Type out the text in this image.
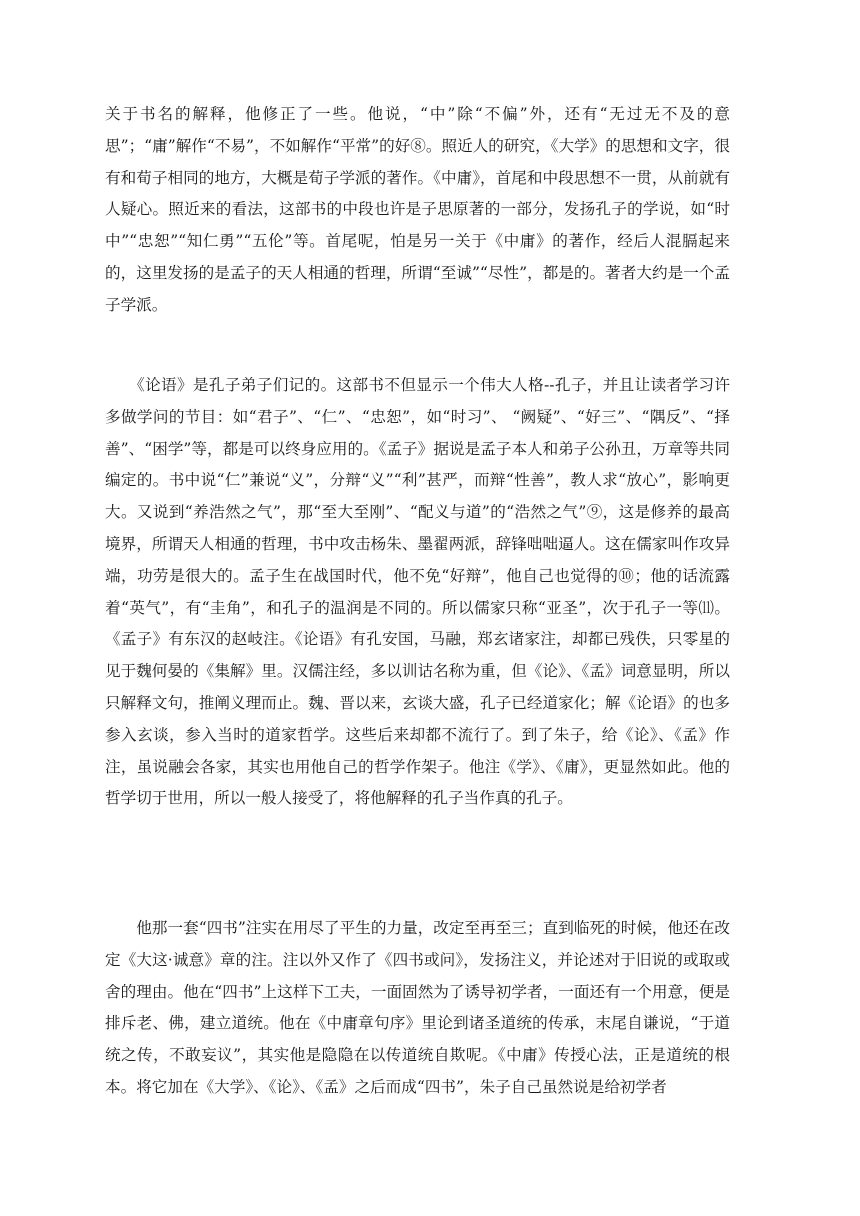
关于书名的解释，他修正了一些。他说，“中”除“不偏”外，还有“无过无不及的意思”；“庸”解作“不易”，不如解作“平常”的好⑧。照近人的研究，《大学》的思想和文字，很有和荀子相同的地方，大概是荀子学派的著作。《中庸》，首尾和中段思想不一贯，从前就有人疑心。照近来的看法，这部书的中段也许是子思原著的一部分，发扬孔子的学说，如“时中”“忠恕”“知仁勇”“五伦”等。首尾呢，怕是另一关于《中庸》的著作，经后人混膈起来的，这里发扬的是孟子的天人相通的哲理，所谓“至诚”“尽性”，都是的。著者大约是一个孟子学派。

　　《论语》是孔子弟子们记的。这部书不但显示一个伟大人格--孔子，并且让读者学习许多做学问的节目：如“君子”、“仁”、“忠恕”，如“时习”、 “阙疑”、“好三”、“隅反”、“择善”、“困学”等，都是可以终身应用的。《孟子》据说是孟子本人和弟子公孙丑，万章等共同编定的。书中说“仁”兼说“义”，分辩“义”“利”甚严，而辩“性善”，教人求“放心”，影响更大。又说到“养浩然之气”，那“至大至刚”、“配义与道”的“浩然之气”⑨，这是修养的最高境界，所谓天人相通的哲理，书中攻击杨朱、墨翟两派，辞锋咄咄逼人。这在儒家叫作攻异端，功劳是很大的。孟子生在战国时代，他不免“好辩”，他自己也觉得的⑩；他的话流露着“英气”，有“圭角”，和孔子的温润是不同的。所以儒家只称“亚圣”，次于孔子一等⑾。《孟子》有东汉的赵岐注。《论语》有孔安国，马融，郑玄诸家注，却都已残佚，只零星的见于魏何晏的《集解》里。汉儒注经，多以训诂名称为重，但《论》、《孟》词意显明，所以只解释文句，推阐义理而止。魏、晋以来，玄谈大盛，孔子已经道家化；解《论语》的也多参入玄谈，参入当时的道家哲学。这些后来却都不流行了。到了朱子，给《论》、《孟》作注，虽说融会各家，其实也用他自己的哲学作架子。他注《学》、《庸》，更显然如此。他的哲学切于世用，所以一般人接受了，将他解释的孔子当作真的孔子。

　　他那一套“四书”注实在用尽了平生的力量，改定至再至三；直到临死的时候，他还在改定《大这·诚意》章的注。注以外又作了《四书或问》，发扬注义，并论述对于旧说的或取或舍的理由。他在“四书”上这样下工夫，一面固然为了诱导初学者，一面还有一个用意，便是排斥老、佛，建立道统。他在《中庸章句序》里论到诸圣道统的传承，末尾自谦说，“于道统之传，不敢妄议”，其实他是隐隐在以传道统自欺呢。《中庸》传授心法，正是道统的根本。将它加在《大学》、《论》、《孟》之后而成“四书”，朱子自己虽然说是给初学者
